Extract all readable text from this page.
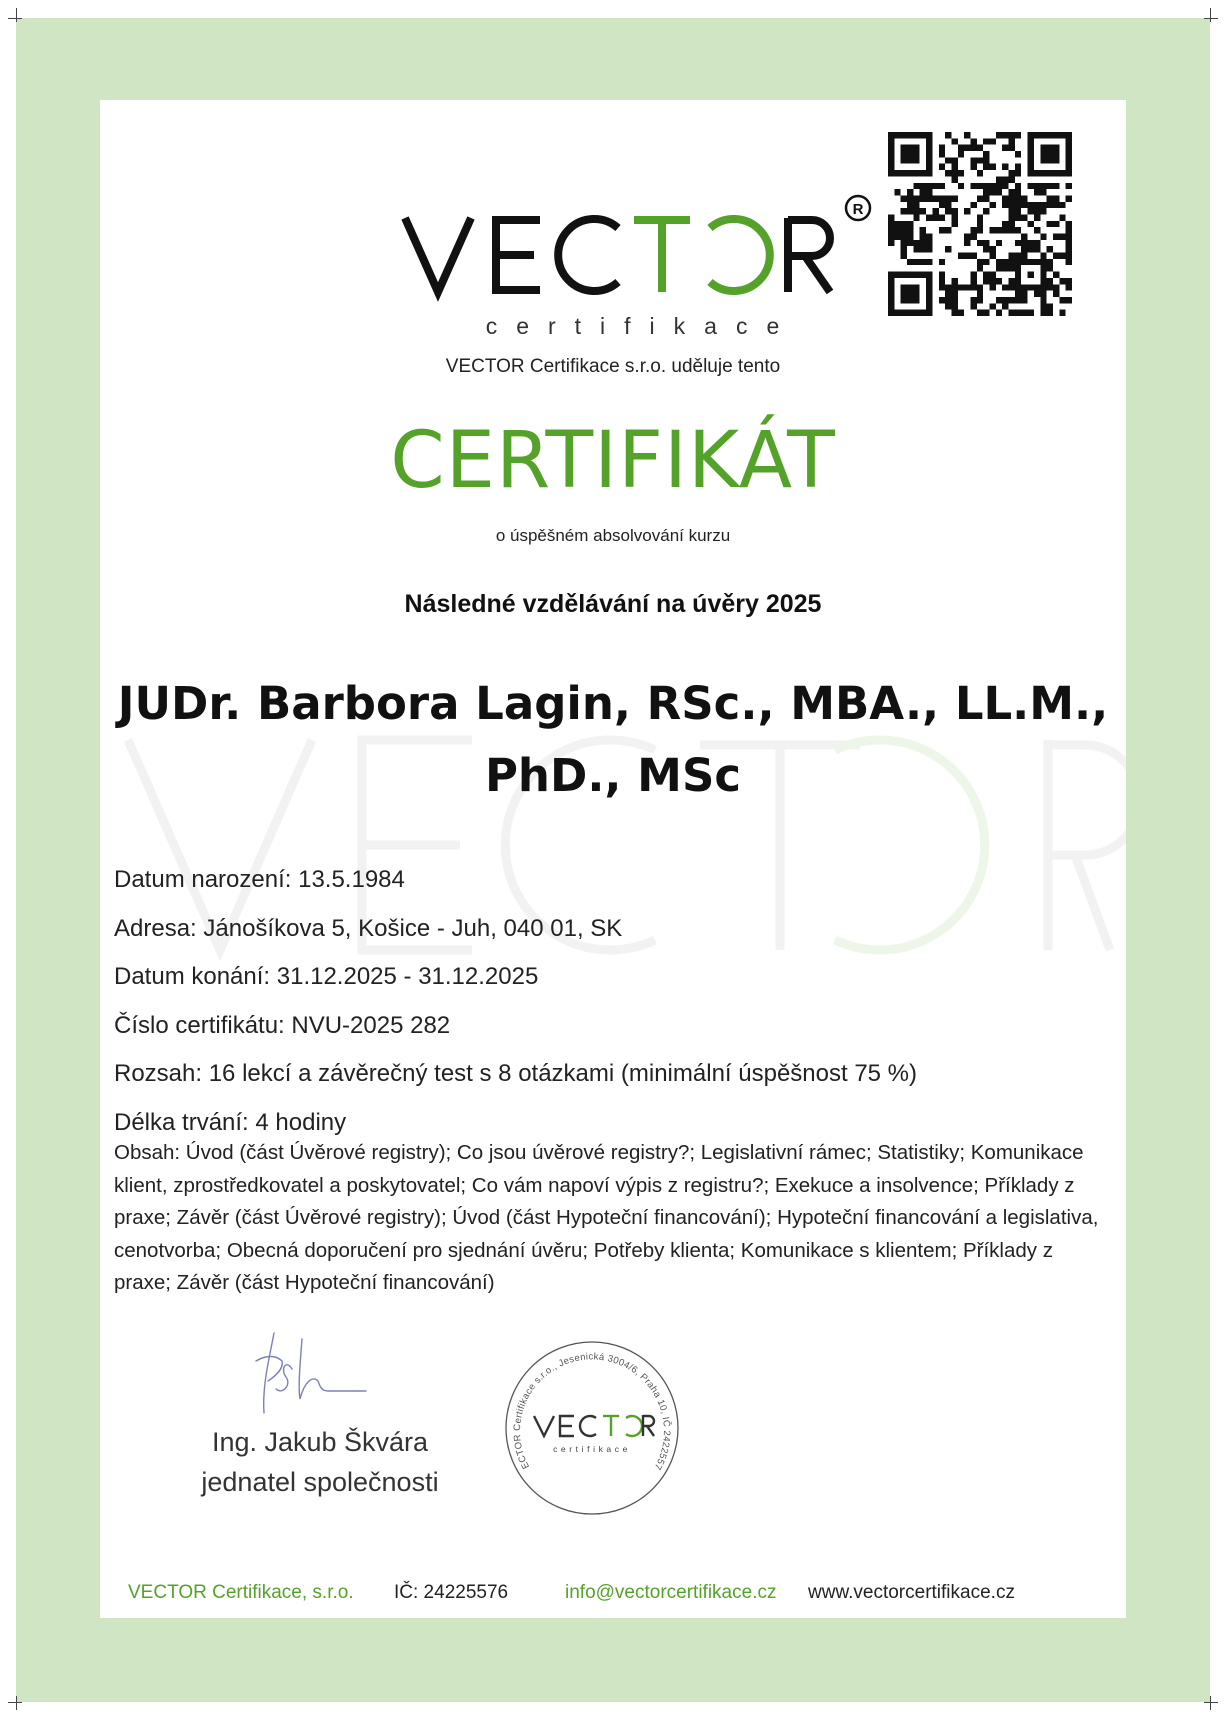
R
certifikace
VECTOR Certifikace s.r.o. uděluje tento
CERTIFIKÁT
o úspěšném absolvování kurzu
Následné vzdělávání na úvěry 2025
JUDr. Barbora Lagin, RSc., MBA., LL.M.,
PhD., MSc
Datum narození: 13.5.1984
Adresa: Jánošíkova 5, Košice - Juh, 040 01, SK
Datum konání: 31.12.2025 - 31.12.2025
Číslo certifikátu: NVU-2025 282
Rozsah: 16 lekcí a závěrečný test s 8 otázkami (minimální úspěšnost 75 %)
Délka trvání: 4 hodiny
Obsah: Úvod (část Úvěrové registry); Co jsou úvěrové registry?; Legislativní rámec; Statistiky; Komunikace klient, zprostředkovatel a poskytovatel; Co vám napoví výpis z registru?; Exekuce a insolvence; Příklady z praxe; Závěr (část Úvěrové registry); Úvod (část Hypoteční financování); Hypoteční financování a legislativa, cenotvorba; Obecná doporučení pro sjednání úvěru; Potřeby klienta; Komunikace s klientem; Příklady z praxe; Závěr (část Hypoteční financování)
Ing. Jakub Škvára
jednatel společnosti
ECTOR Certifikace s.r.o., Jesenická 3004/6, Praha 10, IČ 2422557
certifikace
VECTOR Certifikace, s.r.o. IČ: 24225576	info@vectorcertifikace.cz www.vectorcertifikace.cz
